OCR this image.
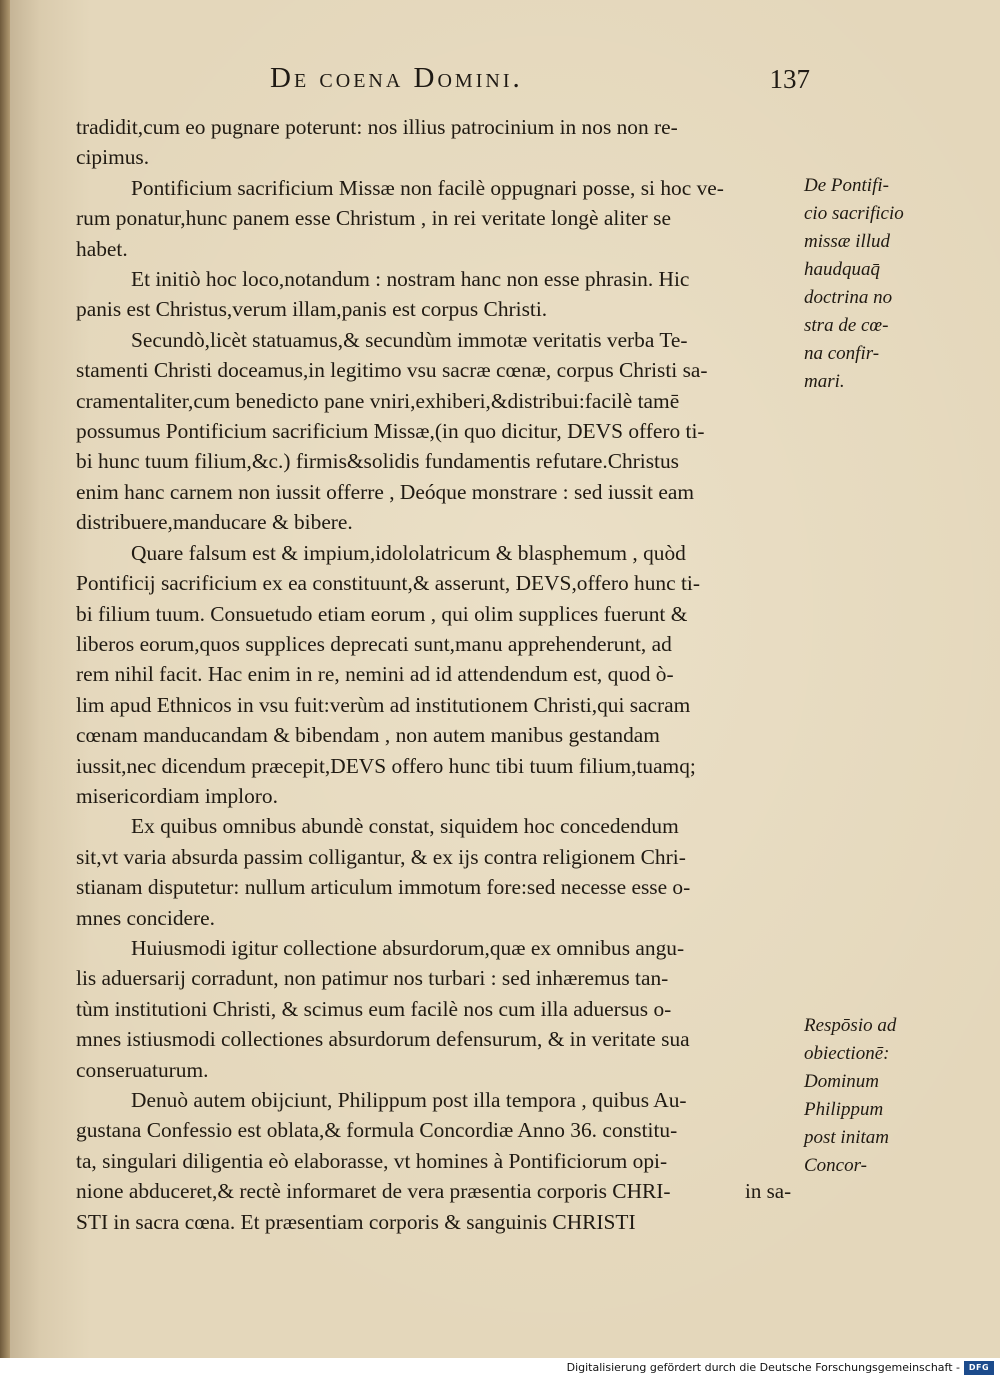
De coena Domini.	137

tradidit,cum eo pugnare poterunt: nos illius patrocinium in nos non re-

cipimus.

Pontificium sacrificium Missæ non facilè oppugnari posse, si hoc ve-

rum ponatur,hunc panem esse Christum , in rei veritate longè aliter se

habet.

Et initiò hoc loco,notandum : nostram hanc non esse phrasin. Hic

panis est Christus,verum illam,panis est corpus Christi.

Secundò,licèt statuamus,& secundùm immotæ veritatis verba Te-

stamenti Christi doceamus,in legitimo vsu sacræ cœnæ, corpus Christi sa-

cramentaliter,cum benedicto pane vniri,exhiberi,&distribui:facilè tamē

possumus Pontificium sacrificium Missæ,(in quo dicitur, DEVS offero ti-

bi hunc tuum filium,&c.) firmis&solidis fundamentis refutare.Christus

enim hanc carnem non iussit offerre , Deóque monstrare : sed iussit eam

distribuere,manducare & bibere.

Quare falsum est & impium,idololatricum & blasphemum , quòd

Pontificij sacrificium ex ea constituunt,& asserunt, DEVS,offero hunc ti-

bi filium tuum. Consuetudo etiam eorum , qui olim supplices fuerunt &

liberos eorum,quos supplices deprecati sunt,manu apprehenderunt, ad

rem nihil facit. Hac enim in re, nemini ad id attendendum est, quod ò-

lim apud Ethnicos in vsu fuit:verùm ad institutionem Christi,qui sacram

cœnam manducandam & bibendam , non autem manibus gestandam

iussit,nec dicendum præcepit,DEVS offero hunc tibi tuum filium,tuamq;

misericordiam imploro.

Ex quibus omnibus abundè constat, siquidem hoc concedendum

sit,vt varia absurda passim colligantur, & ex ijs contra religionem Chri-

stianam disputetur: nullum articulum immotum fore:sed necesse esse o-

mnes concidere.

Huiusmodi igitur collectione absurdorum,quæ ex omnibus angu-

lis aduersarij corradunt, non patimur nos turbari : sed inhæremus tan-

tùm institutioni Christi, & scimus eum facilè nos cum illa aduersus o-

mnes istiusmodi collectiones absurdorum defensurum, & in veritate sua

conseruaturum.

Denuò autem obijciunt, Philippum post illa tempora , quibus Au-

gustana Confessio est oblata,& formula Concordiæ Anno 36. constitu-

ta, singulari diligentia eò elaborasse, vt homines à Pontificiorum opi-

nione abduceret,& rectè informaret de vera præsentia corporis CHRI-

STI in sacra cœna. Et præsentiam corporis & sanguinis CHRISTI

De Pontifi-
cio sacrificio
missæ illud
haudquaq̄
doctrina no
stra de cœ-
na confir-
mari.
Respōsio ad
obiectionē:
Dominum
Philippum
post initam
Concor-
in sa-
Digitalisierung gefördert durch die Deutsche Forschungsgemeinschaft -	DFG
